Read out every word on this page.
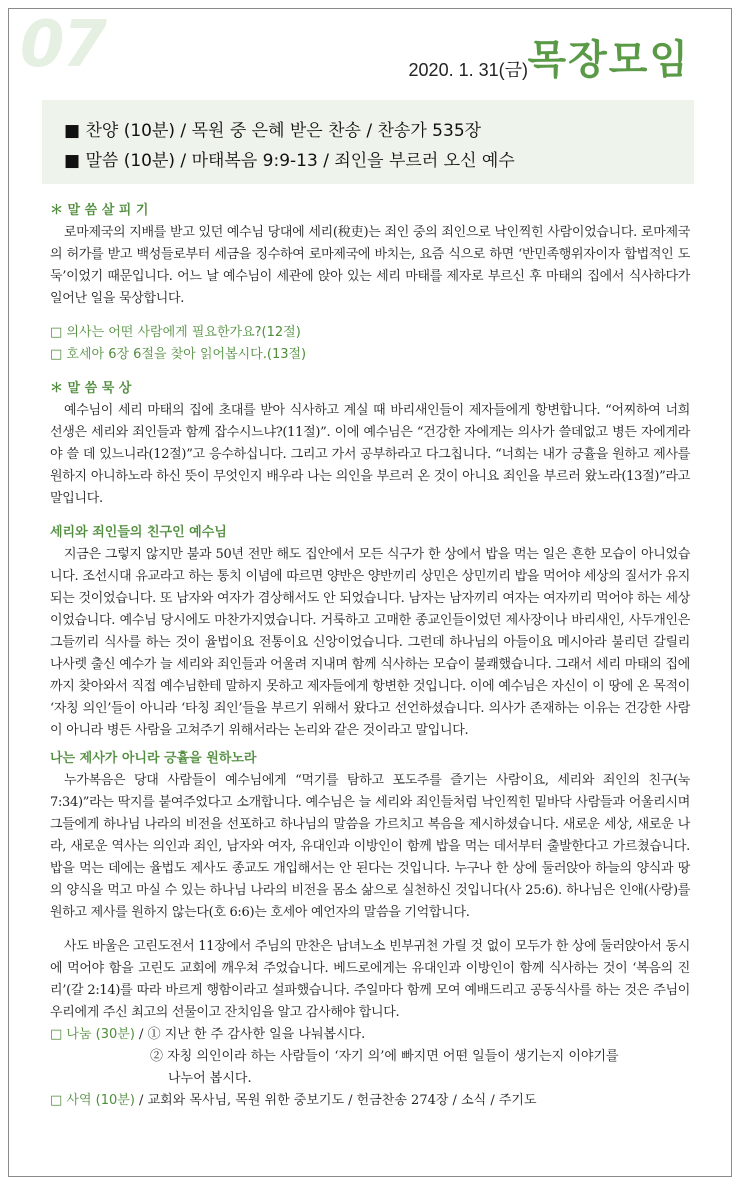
07	2020. 1. 31(금) 목장모임
■ 찬양 (10분) / 목원 중 은혜 받은 찬송 / 찬송가 535장
■ 말씀 (10분) / 마태복음 9:9-13 / 죄인을 부르러 오신 예수
＊ 말 씀 살 피 기

로마제국의 지배를 받고 있던 예수님 당대에 세리(稅吏)는 죄인 중의 죄인으로 낙인찍힌 사람이었습니다. 로마제국의 허가를 받고 백성들로부터 세금을 징수하여 로마제국에 바치는, 요즘 식으로 하면 ‘반민족행위자이자 합법적인 도둑’이었기 때문입니다. 어느 날 예수님이 세관에 앉아 있는 세리 마태를 제자로 부르신 후 마태의 집에서 식사하다가 일어난 일을 묵상합니다.

□ 의사는 어떤 사람에게 필요한가요?(12절)
□ 호세아 6장 6절을 찾아 읽어봅시다.(13절)
＊ 말 씀 묵 상

예수님이 세리 마태의 집에 초대를 받아 식사하고 계실 때 바리새인들이 제자들에게 항변합니다. “어찌하여 너희 선생은 세리와 죄인들과 함께 잡수시느냐?(11절)”. 이에 예수님은 “건강한 자에게는 의사가 쓸데없고 병든 자에게라야 쓸 데 있느니라(12절)”고 응수하십니다. 그리고 가서 공부하라고 다그칩니다. “너희는 내가 긍휼을 원하고 제사를 원하지 아니하노라 하신 뜻이 무엇인지 배우라 나는 의인을 부르러 온 것이 아니요 죄인을 부르러 왔노라(13절)”라고 말입니다.

세리와 죄인들의 친구인 예수님

지금은 그렇지 않지만 불과 50년 전만 해도 집안에서 모든 식구가 한 상에서 밥을 먹는 일은 흔한 모습이 아니었습니다. 조선시대 유교라고 하는 통치 이념에 따르면 양반은 양반끼리 상민은 상민끼리 밥을 먹어야 세상의 질서가 유지되는 것이었습니다. 또 남자와 여자가 겸상해서도 안 되었습니다. 남자는 남자끼리 여자는 여자끼리 먹어야 하는 세상이었습니다. 예수님 당시에도 마찬가지였습니다. 거룩하고 고매한 종교인들이었던 제사장이나 바리새인, 사두개인은 그들끼리 식사를 하는 것이 율법이요 전통이요 신앙이었습니다. 그런데 하나님의 아들이요 메시아라 불리던 갈릴리 나사렛 출신 예수가 늘 세리와 죄인들과 어울려 지내며 함께 식사하는 모습이 불쾌했습니다. 그래서 세리 마태의 집에까지 찾아와서 직접 예수님한테 말하지 못하고 제자들에게 항변한 것입니다. 이에 예수님은 자신이 이 땅에 온 목적이 ‘자칭 의인’들이 아니라 ‘타칭 죄인’들을 부르기 위해서 왔다고 선언하셨습니다. 의사가 존재하는 이유는 건강한 사람이 아니라 병든 사람을 고쳐주기 위해서라는 논리와 같은 것이라고 말입니다.

나는 제사가 아니라 긍휼을 원하노라

누가복음은 당대 사람들이 예수님에게 “먹기를 탐하고 포도주를 즐기는 사람이요, 세리와 죄인의 친구(눅 7:34)”라는 딱지를 붙여주었다고 소개합니다. 예수님은 늘 세리와 죄인들처럼 낙인찍힌 밑바닥 사람들과 어울리시며 그들에게 하나님 나라의 비전을 선포하고 하나님의 말씀을 가르치고 복음을 제시하셨습니다. 새로운 세상, 새로운 나라, 새로운 역사는 의인과 죄인, 남자와 여자, 유대인과 이방인이 함께 밥을 먹는 데서부터 출발한다고 가르쳤습니다. 밥을 먹는 데에는 율법도 제사도 종교도 개입해서는 안 된다는 것입니다. 누구나 한 상에 둘러앉아 하늘의 양식과 땅의 양식을 먹고 마실 수 있는 하나님 나라의 비전을 몸소 삶으로 실천하신 것입니다(사 25:6). 하나님은 인애(사랑)를 원하고 제사를 원하지 않는다(호 6:6)는 호세아 예언자의 말씀을 기억합니다.

사도 바울은 고린도전서 11장에서 주님의 만찬은 남녀노소 빈부귀천 가릴 것 없이 모두가 한 상에 둘러앉아서 동시에 먹어야 함을 고린도 교회에 깨우쳐 주었습니다. 베드로에게는 유대인과 이방인이 함께 식사하는 것이 ‘복음의 진리’(갈 2:14)를 따라 바르게 행함이라고 설파했습니다. 주일마다 함께 모여 예배드리고 공동식사를 하는 것은 주님이 우리에게 주신 최고의 선물이고 잔치임을 알고 감사해야 합니다.

□ 나눔 (30분) / ① 지난 한 주 감사한 일을 나눠봅시다.
② 자칭 의인이라 하는 사람들이 ‘자기 의’에 빠지면 어떤 일들이 생기는지 이야기를
나누어 봅시다.
□ 사역 (10분) / 교회와 목사님, 목원 위한 중보기도 / 헌금찬송 274장 / 소식 / 주기도
